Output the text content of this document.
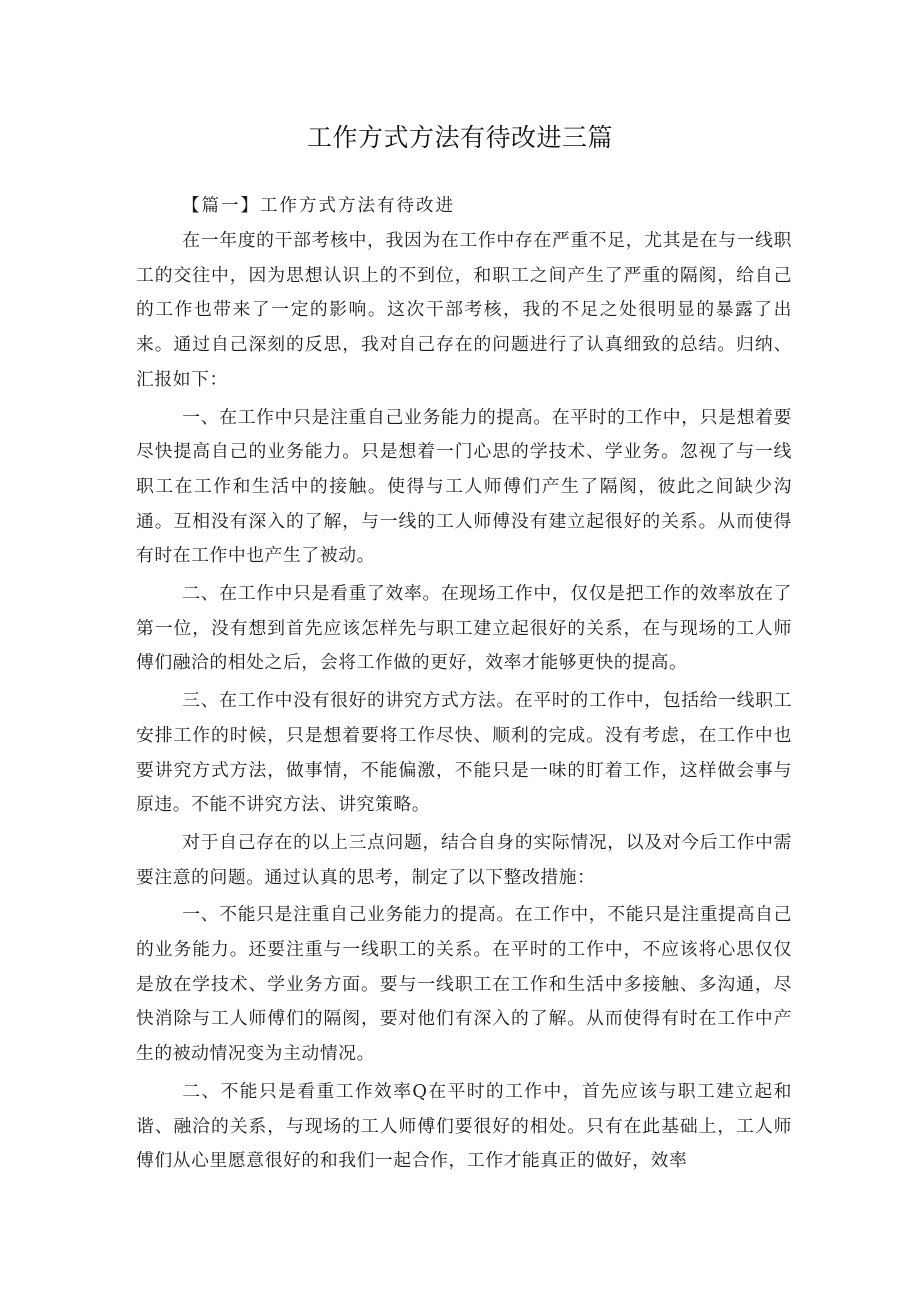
工作方式方法有待改进三篇
【篇一】工作方式方法有待改进

在一年度的干部考核中，我因为在工作中存在严重不足，尤其是在与一线职工的交往中，因为思想认识上的不到位，和职工之间产生了严重的隔阂，给自己的工作也带来了一定的影响。这次干部考核，我的不足之处很明显的暴露了出来。通过自己深刻的反思，我对自己存在的问题进行了认真细致的总结。归纳、汇报如下：

一、在工作中只是注重自己业务能力的提高。在平时的工作中，只是想着要尽快提高自己的业务能力。只是想着一门心思的学技术、学业务。忽视了与一线职工在工作和生活中的接触。使得与工人师傅们产生了隔阂，彼此之间缺少沟通。互相没有深入的了解，与一线的工人师傅没有建立起很好的关系。从而使得有时在工作中也产生了被动。

二、在工作中只是看重了效率。在现场工作中，仅仅是把工作的效率放在了第一位，没有想到首先应该怎样先与职工建立起很好的关系，在与现场的工人师傅们融洽的相处之后，会将工作做的更好，效率才能够更快的提高。

三、在工作中没有很好的讲究方式方法。在平时的工作中，包括给一线职工安排工作的时候，只是想着要将工作尽快、顺利的完成。没有考虑，在工作中也要讲究方式方法，做事情，不能偏激，不能只是一味的盯着工作，这样做会事与原违。不能不讲究方法、讲究策略。

对于自己存在的以上三点问题，结合自身的实际情况，以及对今后工作中需要注意的问题。通过认真的思考，制定了以下整改措施：

一、不能只是注重自己业务能力的提高。在工作中，不能只是注重提高自己的业务能力。还要注重与一线职工的关系。在平时的工作中，不应该将心思仅仅是放在学技术、学业务方面。要与一线职工在工作和生活中多接触、多沟通，尽快消除与工人师傅们的隔阂，要对他们有深入的了解。从而使得有时在工作中产生的被动情况变为主动情况。

二、不能只是看重工作效率Q在平时的工作中，首先应该与职工建立起和谐、融洽的关系，与现场的工人师傅们要很好的相处。只有在此基础上，工人师傅们从心里愿意很好的和我们一起合作，工作才能真正的做好，效率
